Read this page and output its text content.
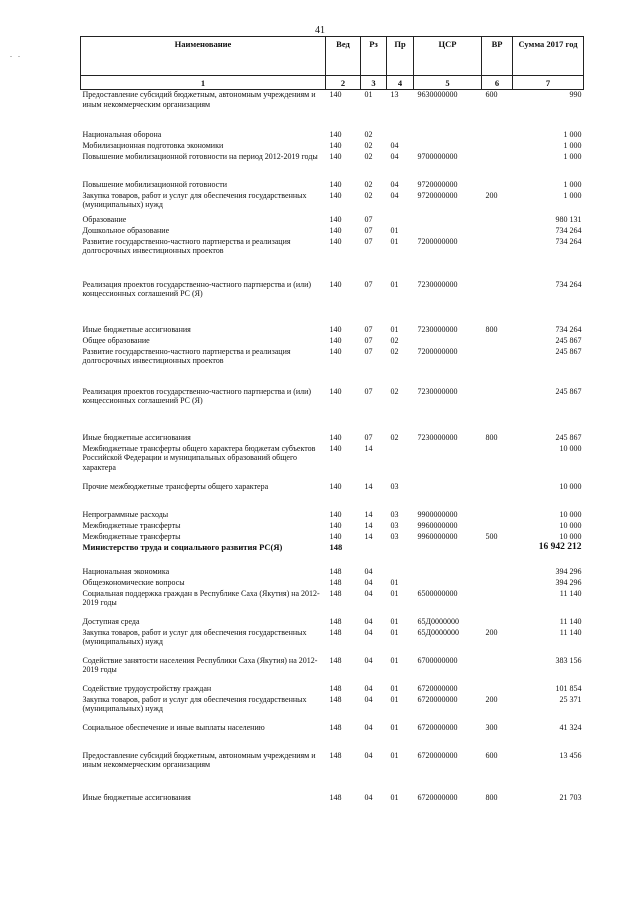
41
. .
Наименование	Вед	Рз	Пр	ЦСР	ВР	Сумма 2017 год
1	2	3	4	5	6	7
Предоставление субсидий бюджетным, автономным учреждениям и иным некоммерческим организациям	140	01	13	9630000000	600	990
Национальная оборона	140	02				1 000
Мобилизационная подготовка экономики	140	02	04			1 000
Повышение мобилизационной готовности на период 2012-2019 годы	140	02	04	9700000000		1 000
Повышение мобилизационной готовности	140	02	04	9720000000		1 000
Закупка товаров, работ и услуг для обеспечения государственных (муниципальных) нужд	140	02	04	9720000000	200	1 000
Образование	140	07				980 131
Дошкольное образование	140	07	01			734 264
Развитие государственно-частного партнерства и реализация долгосрочных инвестиционных проектов	140	07	01	7200000000		734 264
Реализация проектов государственно-частного партнерства и (или) концессионных соглашений РС (Я)	140	07	01	7230000000		734 264
Иные бюджетные ассигнования	140	07	01	7230000000	800	734 264
Общее образование	140	07	02			245 867
Развитие государственно-частного партнерства и реализация долгосрочных инвестиционных проектов	140	07	02	7200000000		245 867
Реализация проектов государственно-частного партнерства и (или) концессионных соглашений РС (Я)	140	07	02	7230000000		245 867
Иные бюджетные ассигнования	140	07	02	7230000000	800	245 867
Межбюджетные трансферты общего характера бюджетам субъектов Российской Федерации и муниципальных образований общего характера	140	14				10 000
Прочие межбюджетные трансферты общего характера	140	14	03			10 000
Непрограммные расходы	140	14	03	9900000000		10 000
Межбюджетные трансферты	140	14	03	9960000000		10 000
Межбюджетные трансферты	140	14	03	9960000000	500	10 000
Министерство труда и социального развития РС(Я)	148					16 942 212
Национальная экономика	148	04				394 296
Общеэкономические вопросы	148	04	01			394 296
Социальная поддержка граждан в Республике Саха (Якутия) на 2012-2019 годы	148	04	01	6500000000		11 140
Доступная среда	148	04	01	65Д0000000		11 140
Закупка товаров, работ и услуг для обеспечения государственных (муниципальных) нужд	148	04	01	65Д0000000	200	11 140
Содействие занятости населения Республики Саха (Якутия) на 2012-2019 годы	148	04	01	6700000000		383 156
Содействие трудоустройству граждан	148	04	01	6720000000		101 854
Закупка товаров, работ и услуг для обеспечения государственных (муниципальных) нужд	148	04	01	6720000000	200	25 371
Социальное обеспечение и иные выплаты населению	148	04	01	6720000000	300	41 324
Предоставление субсидий бюджетным, автономным учреждениям и иным некоммерческим организациям	148	04	01	6720000000	600	13 456
Иные бюджетные ассигнования	148	04	01	6720000000	800	21 703
